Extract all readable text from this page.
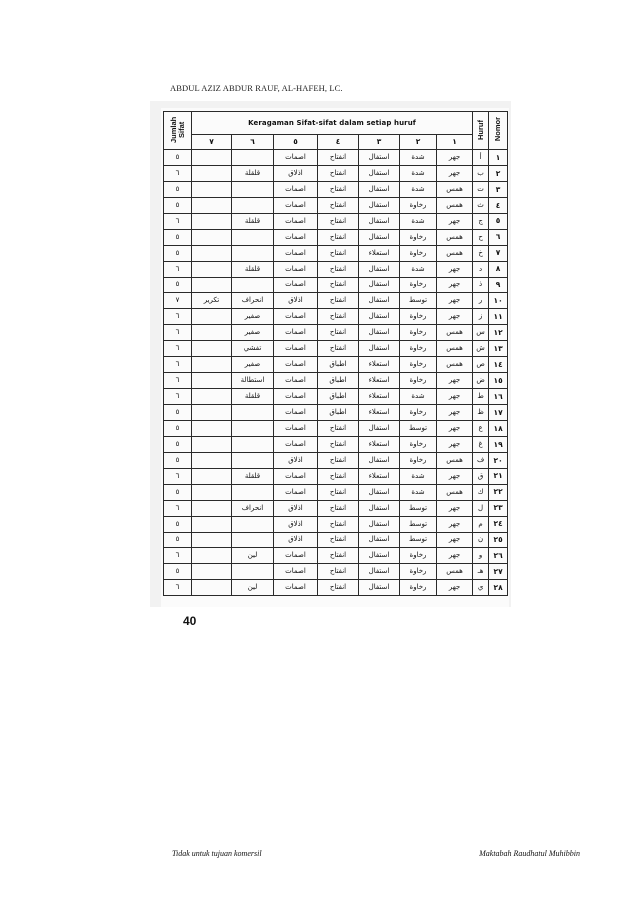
ABDUL AZIZ ABDUR RAUF, AL-HAFEH, LC.
Jumlah Sifat	Keragaman Sifat-sifat dalam setiap huruf							Huruf	Nomor
	٧	٦	٥	٤	٣	٢	١		
٥			اصمات	انفتاح	استفال	شدة	جهر	أ	١
٦		قلقلة	اذلاق	انفتاح	استفال	شدة	جهر	ب	٢
٥			اصمات	انفتاح	استفال	شدة	همس	ت	٣
٥			اصمات	انفتاح	استفال	رخاوة	همس	ث	٤
٦		قلقلة	اصمات	انفتاح	استفال	شدة	جهر	ج	٥
٥			اصمات	انفتاح	استفال	رخاوة	همس	ح	٦
٥			اصمات	انفتاح	استعلاء	رخاوة	همس	خ	٧
٦		قلقلة	اصمات	انفتاح	استفال	شدة	جهر	د	٨
٥			اصمات	انفتاح	استفال	رخاوة	جهر	ذ	٩
٧	تكرير	انحراف	اذلاق	انفتاح	استفال	توسط	جهر	ر	١٠
٦		صفير	اصمات	انفتاح	استفال	رخاوة	جهر	ز	١١
٦		صفير	اصمات	انفتاح	استفال	رخاوة	همس	س	١٢
٦		تفشي	اصمات	انفتاح	استفال	رخاوة	همس	ش	١٣
٦		صفير	اصمات	اطباق	استعلاء	رخاوة	همس	ص	١٤
٦		استطالة	اصمات	اطباق	استعلاء	رخاوة	جهر	ض	١٥
٦		قلقلة	اصمات	اطباق	استعلاء	شدة	جهر	ط	١٦
٥			اصمات	اطباق	استعلاء	رخاوة	جهر	ظ	١٧
٥			اصمات	انفتاح	استفال	توسط	جهر	ع	١٨
٥			اصمات	انفتاح	استعلاء	رخاوة	جهر	غ	١٩
٥			اذلاق	انفتاح	استفال	رخاوة	همس	ف	٢٠
٦		قلقلة	اصمات	انفتاح	استعلاء	شدة	جهر	ق	٢١
٥			اصمات	انفتاح	استفال	شدة	همس	ك	٢٢
٦		انحراف	اذلاق	انفتاح	استفال	توسط	جهر	ل	٢٣
٥			اذلاق	انفتاح	استفال	توسط	جهر	م	٢٤
٥			اذلاق	انفتاح	استفال	توسط	جهر	ن	٢٥
٦		لين	اصمات	انفتاح	استفال	رخاوة	جهر	و	٢٦
٥			اصمات	انفتاح	استفال	رخاوة	همس	هـ	٢٧
٦		لين	اصمات	انفتاح	استفال	رخاوة	جهر	ي	٢٨
40
Tidak untuk tujuan komersil	Maktabah Raudhatul Muhibbin
